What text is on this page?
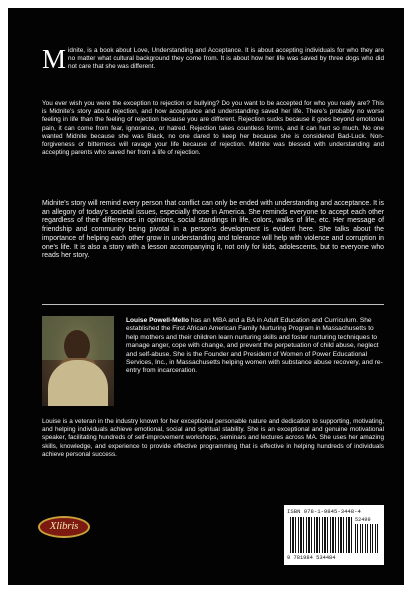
Midnite, is a book about Love, Understanding and Acceptance. It is about accepting individuals for who they are no matter what cultural background they come from. It is about how her life was saved by three dogs who did not care that she was different.

You ever wish you were the exception to rejection or bullying? Do you want to be accepted for who you really are? This is Midnite's story about rejection, and how acceptance and understanding saved her life. There's probably no worse feeling in life than the feeling of rejection because you are different. Rejection sucks because it goes beyond emotional pain, it can come from fear, ignorance, or hatred. Rejection takes countless forms, and it can hurt so much. No one wanted Midnite because she was Black, no one dared to keep her because she is considered Bad-Luck. Non-forgiveness or bitterness will ravage your life because of rejection. Midnite was blessed with understanding and accepting parents who saved her from a life of rejection.

Midnite's story will remind every person that conflict can only be ended with understanding and acceptance. It is an allegory of today's societal issues, especially those in America. She reminds everyone to accept each other regardless of their differences in opinions, social standings in life, colors, walks of life, etc. Her message of friendship and community being pivotal in a person's development is evident here. She talks about the importance of helping each other grow in understanding and tolerance will help with violence and corruption in one's life. It is also a story with a lesson accompanying it, not only for kids, adolescents, but to everyone who reads her story.

Louise Powell-Mello has an MBA and a BA in Adult Education and Curriculum. She established the First African American Family Nurturing Program in Massachusetts to help mothers and their children learn nurturing skills and foster nurturing techniques to manage anger, cope with change, and prevent the perpetuation of child abuse, neglect and self-abuse. She is the Founder and President of Women of Power Educational Services, Inc., in Massachusetts helping women with substance abuse recovery, and re-entry from incarceration.

Louise is a veteran in the industry known for her exceptional personable nature and dedication to supporting, motivating, and helping individuals achieve emotional, social and spiritual stability. She is an exceptional and genuine motivational speaker, facilitating hundreds of self-improvement workshops, seminars and lectures across MA. She uses her amazing skills, knowledge, and experience to provide effective programming that is effective in helping hundreds of individuals achieve personal success.

Xlibris
ISBN 978-1-9845-3448-4
52499
9 781984 534484
